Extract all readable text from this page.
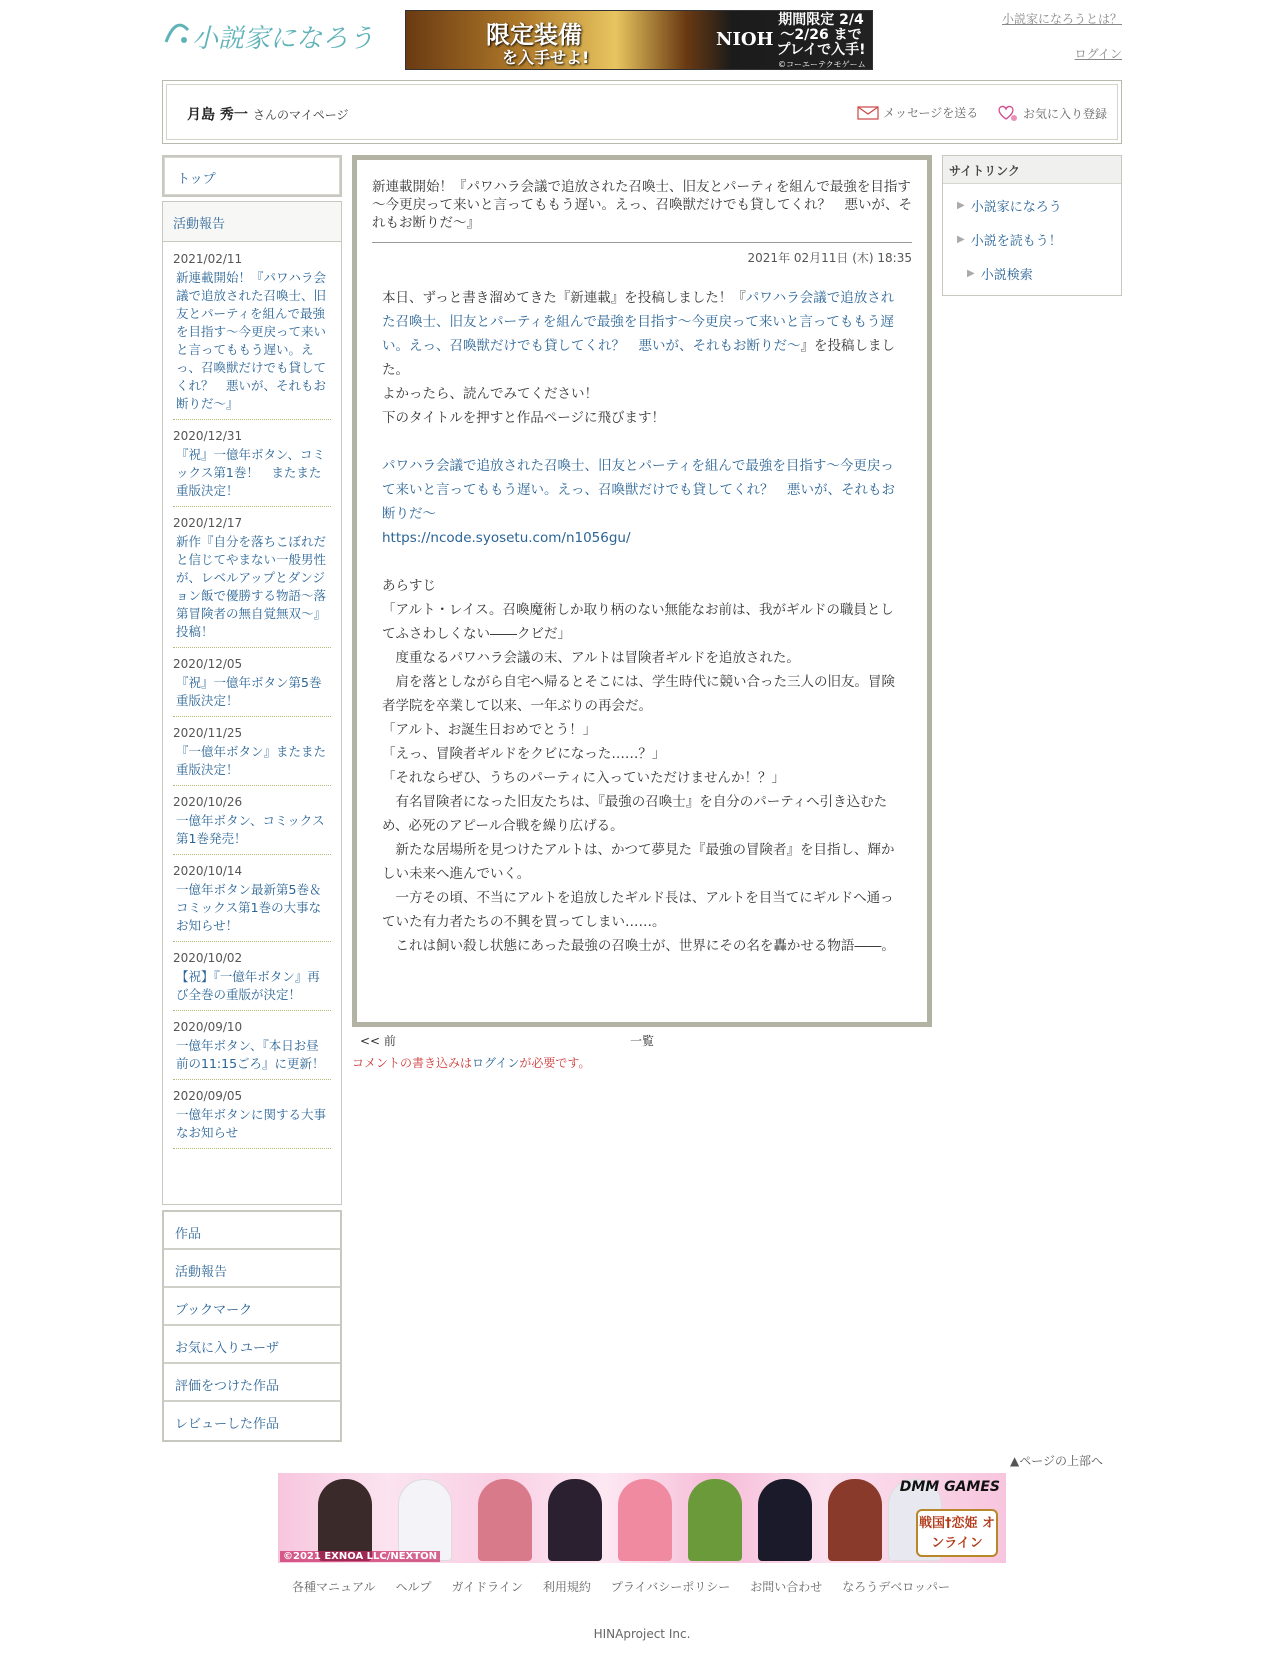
小説家になろう	限定装備
を入手せよ!
NIOH
期間限定 2/4～2/26 までプレイで入手!
©コーエーテクモゲームス
小説家になろうとは？
ログイン
月島 秀一 さんのマイページ	メッセージを送る	お気に入り登録
トップ
活動報告
2021/02/11
新連載開始！『パワハラ会議で追放された召喚士、旧友とパーティを組んで最強を目指す～今更戻って来いと言ってももう遅い。えっ、召喚獣だけでも貸してくれ？　悪いが、それもお断りだ～』
2020/12/31
『祝』一億年ボタン、コミックス第1巻！　またまた重版決定！
2020/12/17
新作『自分を落ちこぼれだと信じてやまない一般男性が、レベルアップとダンジョン飯で優勝する物語～落第冒険者の無自覚無双～』投稿！
2020/12/05
『祝』一億年ボタン第5巻重版決定！
2020/11/25
『一億年ボタン』またまた重版決定！
2020/10/26
一億年ボタン、コミックス第1巻発売！
2020/10/14
一億年ボタン最新第5巻＆コミックス第1巻の大事なお知らせ！
2020/10/02
【祝】『一億年ボタン』再び全巻の重版が決定！
2020/09/10
一億年ボタン、『本日お昼前の11:15ごろ』に更新！
2020/09/05
一億年ボタンに関する大事なお知らせ
作品
活動報告
ブックマーク
お気に入りユーザ
評価をつけた作品
レビューした作品
新連載開始！『パワハラ会議で追放された召喚士、旧友とパーティを組んで最強を目指す～今更戻って来いと言ってももう遅い。えっ、召喚獣だけでも貸してくれ？　悪いが、それもお断りだ～』
2021年 02月11日 (木) 18:35
本日、ずっと書き溜めてきた『新連載』を投稿しました！『パワハラ会議で追放された召喚士、旧友とパーティを組んで最強を目指す～今更戻って来いと言ってももう遅い。えっ、召喚獣だけでも貸してくれ？　悪いが、それもお断りだ～』を投稿しました。
よかったら、読んでみてください！
下のタイトルを押すと作品ページに飛びます！
パワハラ会議で追放された召喚士、旧友とパーティを組んで最強を目指す～今更戻って来いと言ってももう遅い。えっ、召喚獣だけでも貸してくれ？　悪いが、それもお断りだ～
https://ncode.syosetu.com/n1056gu/
あらすじ
「アルト・レイス。召喚魔術しか取り柄のない無能なお前は、我がギルドの職員としてふさわしくない――クビだ」
　度重なるパワハラ会議の末、アルトは冒険者ギルドを追放された。
　肩を落としながら自宅へ帰るとそこには、学生時代に競い合った三人の旧友。冒険者学院を卒業して以来、一年ぶりの再会だ。
「アルト、お誕生日おめでとう！」
「えっ、冒険者ギルドをクビになった……？」
「それならぜひ、うちのパーティに入っていただけませんか！？」
　有名冒険者になった旧友たちは、『最強の召喚士』を自分のパーティへ引き込むため、必死のアピール合戦を繰り広げる。
　新たな居場所を見つけたアルトは、かつて夢見た『最強の冒険者』を目指し、輝かしい未来へ進んでいく。
　一方その頃、不当にアルトを追放したギルド長は、アルトを目当てにギルドへ通っていた有力者たちの不興を買ってしまい……。
　これは飼い殺し状態にあった最強の召喚士が、世界にその名を轟かせる物語――。
<< 前	一覧
コメントの書き込みはログインが必要です。
サイトリンク
▶ 小説家になろう
▶ 小説を読もう！
▶ 小説検索
▲ページの上部へ
DMM GAMES
戦国†恋姫 オンライン
©2021 EXNOA LLC/NEXTON
各種マニュアル ヘルプ ガイドライン 利用規約 プライバシーポリシー お問い合わせ なろうデベロッパー
HINAproject Inc.
